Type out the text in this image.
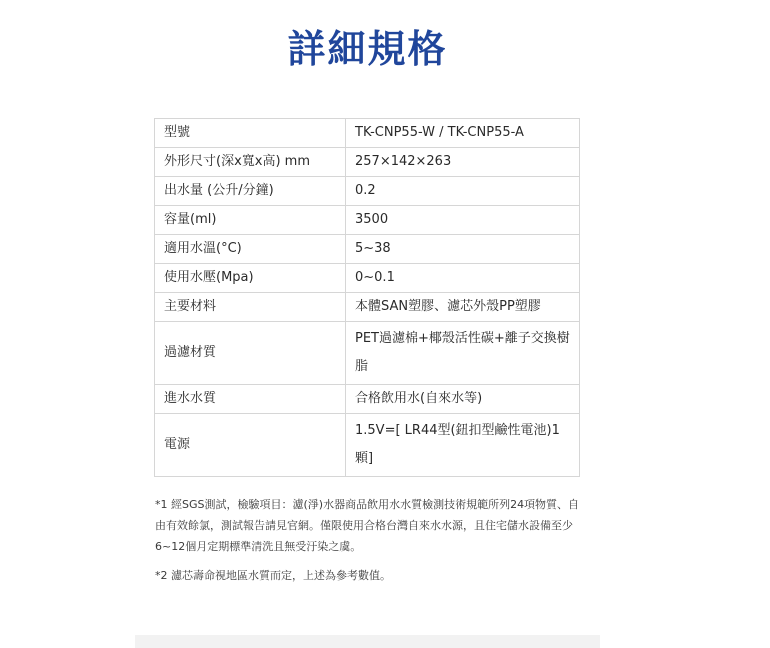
詳細規格
型號	TK-CNP55-W / TK-CNP55-A
外形尺寸(深x寬x高) mm	257×142×263
出水量 (公升/分鐘)	0.2
容量(ml)	3500
適用水溫(°C)	5~38
使用水壓(Mpa)	0~0.1
主要材料	本體SAN塑膠、濾芯外殼PP塑膠
過濾材質	PET過濾棉+椰殼活性碳+離子交換樹脂
進水水質	合格飲用水(自來水等)
電源	1.5V=[ LR44型(鈕扣型鹼性電池)1顆]

*1 經SGS測試，檢驗項目：濾(淨)水器商品飲用水水質檢測技術規範所列24項物質、自由有效餘氯，測試報告請見官網。僅限使用合格台灣自來水水源，且住宅儲水設備至少6~12個月定期標準清洗且無受汙染之虞。

*2 濾芯壽命視地區水質而定，上述為參考數值。
